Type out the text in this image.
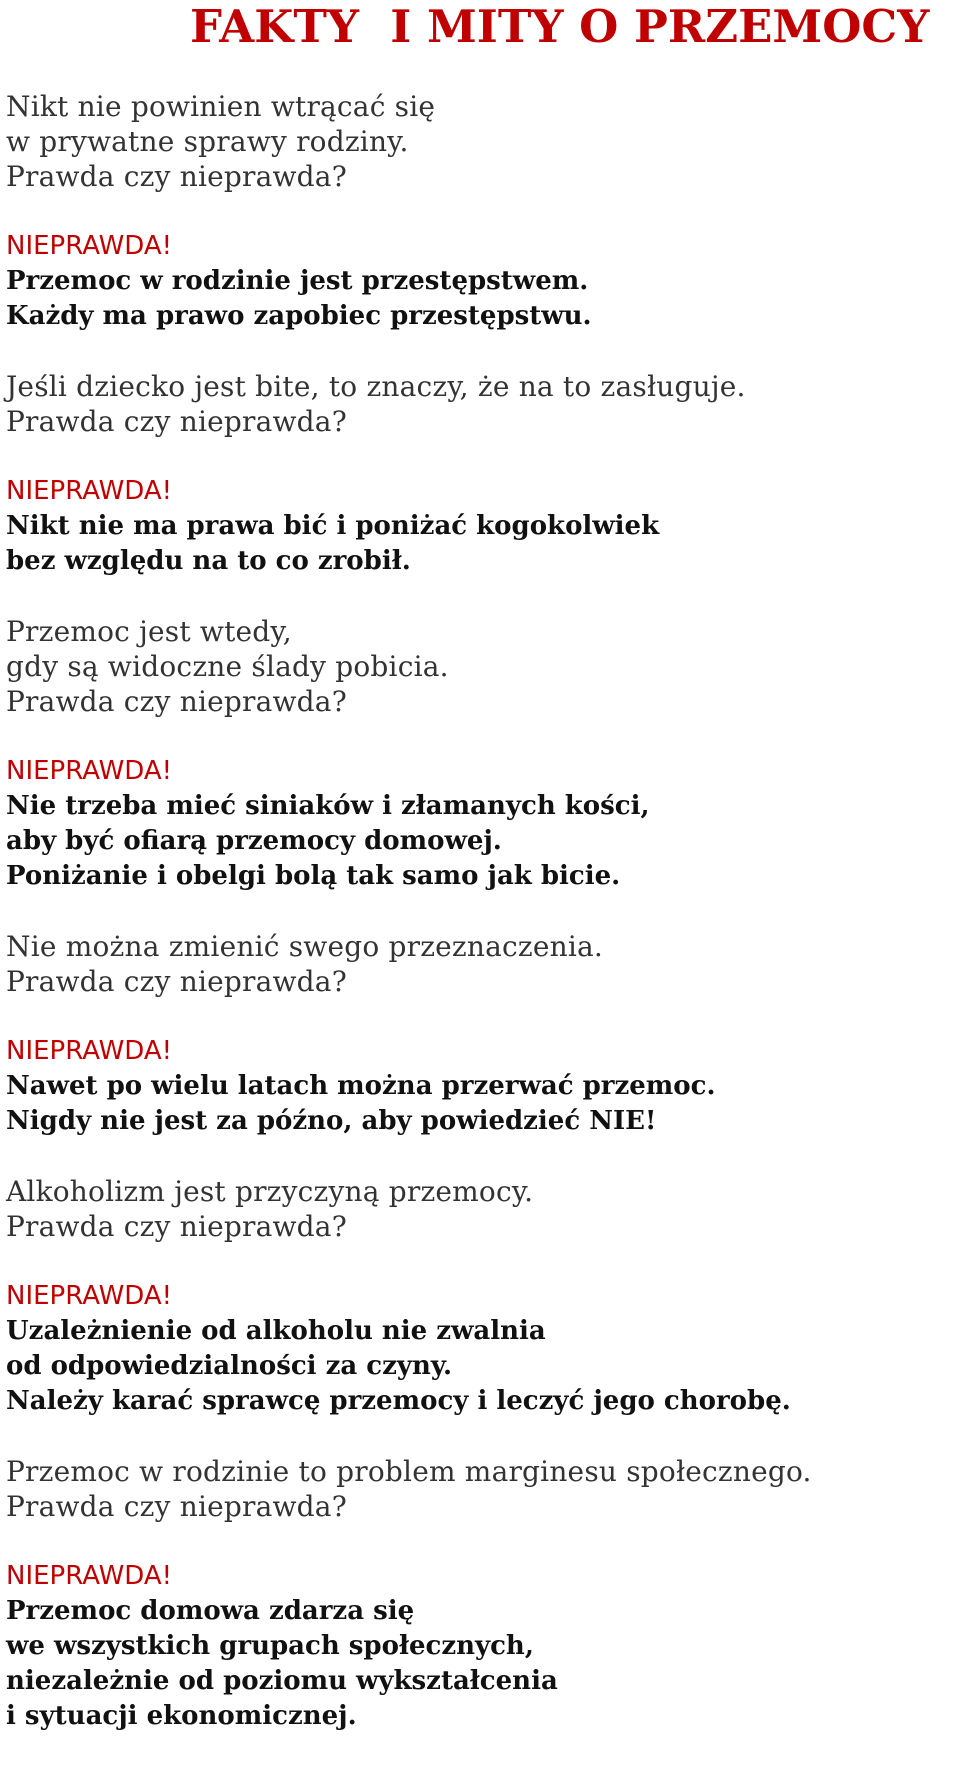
FAKTY  I MITY O PRZEMOCY
Nikt nie powinien wtrącać się
w prywatne sprawy rodziny.
Prawda czy nieprawda?
NIEPRAWDA!
Przemoc w rodzinie jest przestępstwem.
Każdy ma prawo zapobiec przestępstwu.
Jeśli dziecko jest bite, to znaczy, że na to zasługuje.
Prawda czy nieprawda?
NIEPRAWDA!
Nikt nie ma prawa bić i poniżać kogokolwiek
bez względu na to co zrobił.
Przemoc jest wtedy,
gdy są widoczne ślady pobicia.
Prawda czy nieprawda?
NIEPRAWDA!
Nie trzeba mieć siniaków i złamanych kości,
aby być ofiarą przemocy domowej.
Poniżanie i obelgi bolą tak samo jak bicie.
Nie można zmienić swego przeznaczenia.
Prawda czy nieprawda?
NIEPRAWDA!
Nawet po wielu latach można przerwać przemoc.
Nigdy nie jest za późno, aby powiedzieć NIE!
Alkoholizm jest przyczyną przemocy.
Prawda czy nieprawda?
NIEPRAWDA!
Uzależnienie od alkoholu nie zwalnia
od odpowiedzialności za czyny.
Należy karać sprawcę przemocy i leczyć jego chorobę.
Przemoc w rodzinie to problem marginesu społecznego.
Prawda czy nieprawda?
NIEPRAWDA!
Przemoc domowa zdarza się
we wszystkich grupach społecznych,
niezależnie od poziomu wykształcenia
i sytuacji ekonomicznej.
